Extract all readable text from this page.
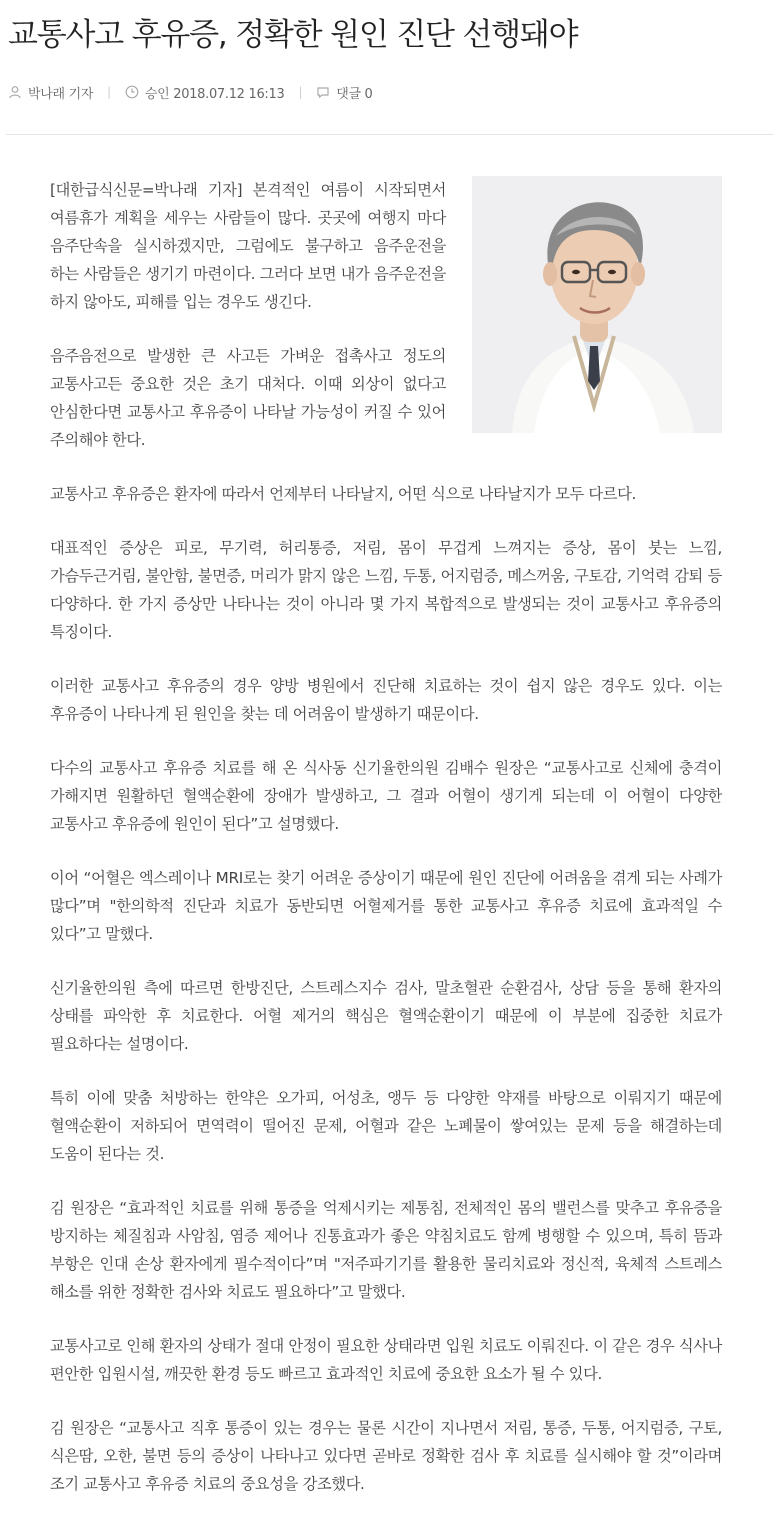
교통사고 후유증, 정확한 원인 진단 선행돼야
박나래 기자 |	승인 2018.07.12 16:13 |	댓글 0

[대한급식신문=박나래 기자] 본격적인 여름이 시작되면서 여름휴가 계획을 세우는 사람들이 많다. 곳곳에 여행지 마다 음주단속을 실시하겠지만, 그럼에도 불구하고 음주운전을 하는 사람들은 생기기 마련이다. 그러다 보면 내가 음주운전을 하지 않아도, 피해를 입는 경우도 생긴다.

음주음전으로 발생한 큰 사고든 가벼운 접촉사고 정도의 교통사고든 중요한 것은 초기 대처다. 이때 외상이 없다고 안심한다면 교통사고 후유증이 나타날 가능성이 커질 수 있어 주의해야 한다.

교통사고 후유증은 환자에 따라서 언제부터 나타날지, 어떤 식으로 나타날지가 모두 다르다.

대표적인 증상은 피로, 무기력, 허리통증, 저림, 몸이 무겁게 느껴지는 증상, 몸이 붓는 느낌, 가슴두근거림, 불안함, 불면증, 머리가 맑지 않은 느낌, 두통, 어지럼증, 메스꺼움, 구토감, 기억력 감퇴 등 다양하다. 한 가지 증상만 나타나는 것이 아니라 몇 가지 복합적으로 발생되는 것이 교통사고 후유증의 특징이다.

이러한 교통사고 후유증의 경우 양방 병원에서 진단해 치료하는 것이 쉽지 않은 경우도 있다. 이는 후유증이 나타나게 된 원인을 찾는 데 어려움이 발생하기 때문이다.

다수의 교통사고 후유증 치료를 해 온 식사동 신기율한의원 김배수 원장은 “교통사고로 신체에 충격이 가해지면 원활하던 혈액순환에 장애가 발생하고, 그 결과 어혈이 생기게 되는데 이 어혈이 다양한 교통사고 후유증에 원인이 된다”고 설명했다.

이어 “어혈은 엑스레이나 MRI로는 찾기 어려운 증상이기 때문에 원인 진단에 어려움을 겪게 되는 사례가 많다”며 "한의학적 진단과 치료가 동반되면 어혈제거를 통한 교통사고 후유증 치료에 효과적일 수 있다”고 말했다.

신기율한의원 측에 따르면 한방진단, 스트레스지수 검사, 말초혈관 순환검사, 상담 등을 통해 환자의 상태를 파악한 후 치료한다. 어혈 제거의 핵심은 혈액순환이기 때문에 이 부분에 집중한 치료가 필요하다는 설명이다.

특히 이에 맞춤 처방하는 한약은 오가피, 어성초, 앵두 등 다양한 약재를 바탕으로 이뤄지기 때문에 혈액순환이 저하되어 면역력이 떨어진 문제, 어혈과 같은 노폐물이 쌓여있는 문제 등을 해결하는데 도움이 된다는 것.

김 원장은 “효과적인 치료를 위해 통증을 억제시키는 제통침, 전체적인 몸의 밸런스를 맞추고 후유증을 방지하는 체질침과 사암침, 염증 제어나 진통효과가 좋은 약침치료도 함께 병행할 수 있으며, 특히 뜸과 부항은 인대 손상 환자에게 필수적이다”며 "저주파기기를 활용한 물리치료와 정신적, 육체적 스트레스 해소를 위한 정확한 검사와 치료도 필요하다”고 말했다.

교통사고로 인해 환자의 상태가 절대 안정이 필요한 상태라면 입원 치료도 이뤄진다. 이 같은 경우 식사나 편안한 입원시설, 깨끗한 환경 등도 빠르고 효과적인 치료에 중요한 요소가 될 수 있다.

김 원장은 “교통사고 직후 통증이 있는 경우는 물론 시간이 지나면서 저림, 통증, 두통, 어지럼증, 구토, 식은땀, 오한, 불면 등의 증상이 나타나고 있다면 곧바로 정확한 검사 후 치료를 실시해야 할 것”이라며 조기 교통사고 후유증 치료의 중요성을 강조했다.
